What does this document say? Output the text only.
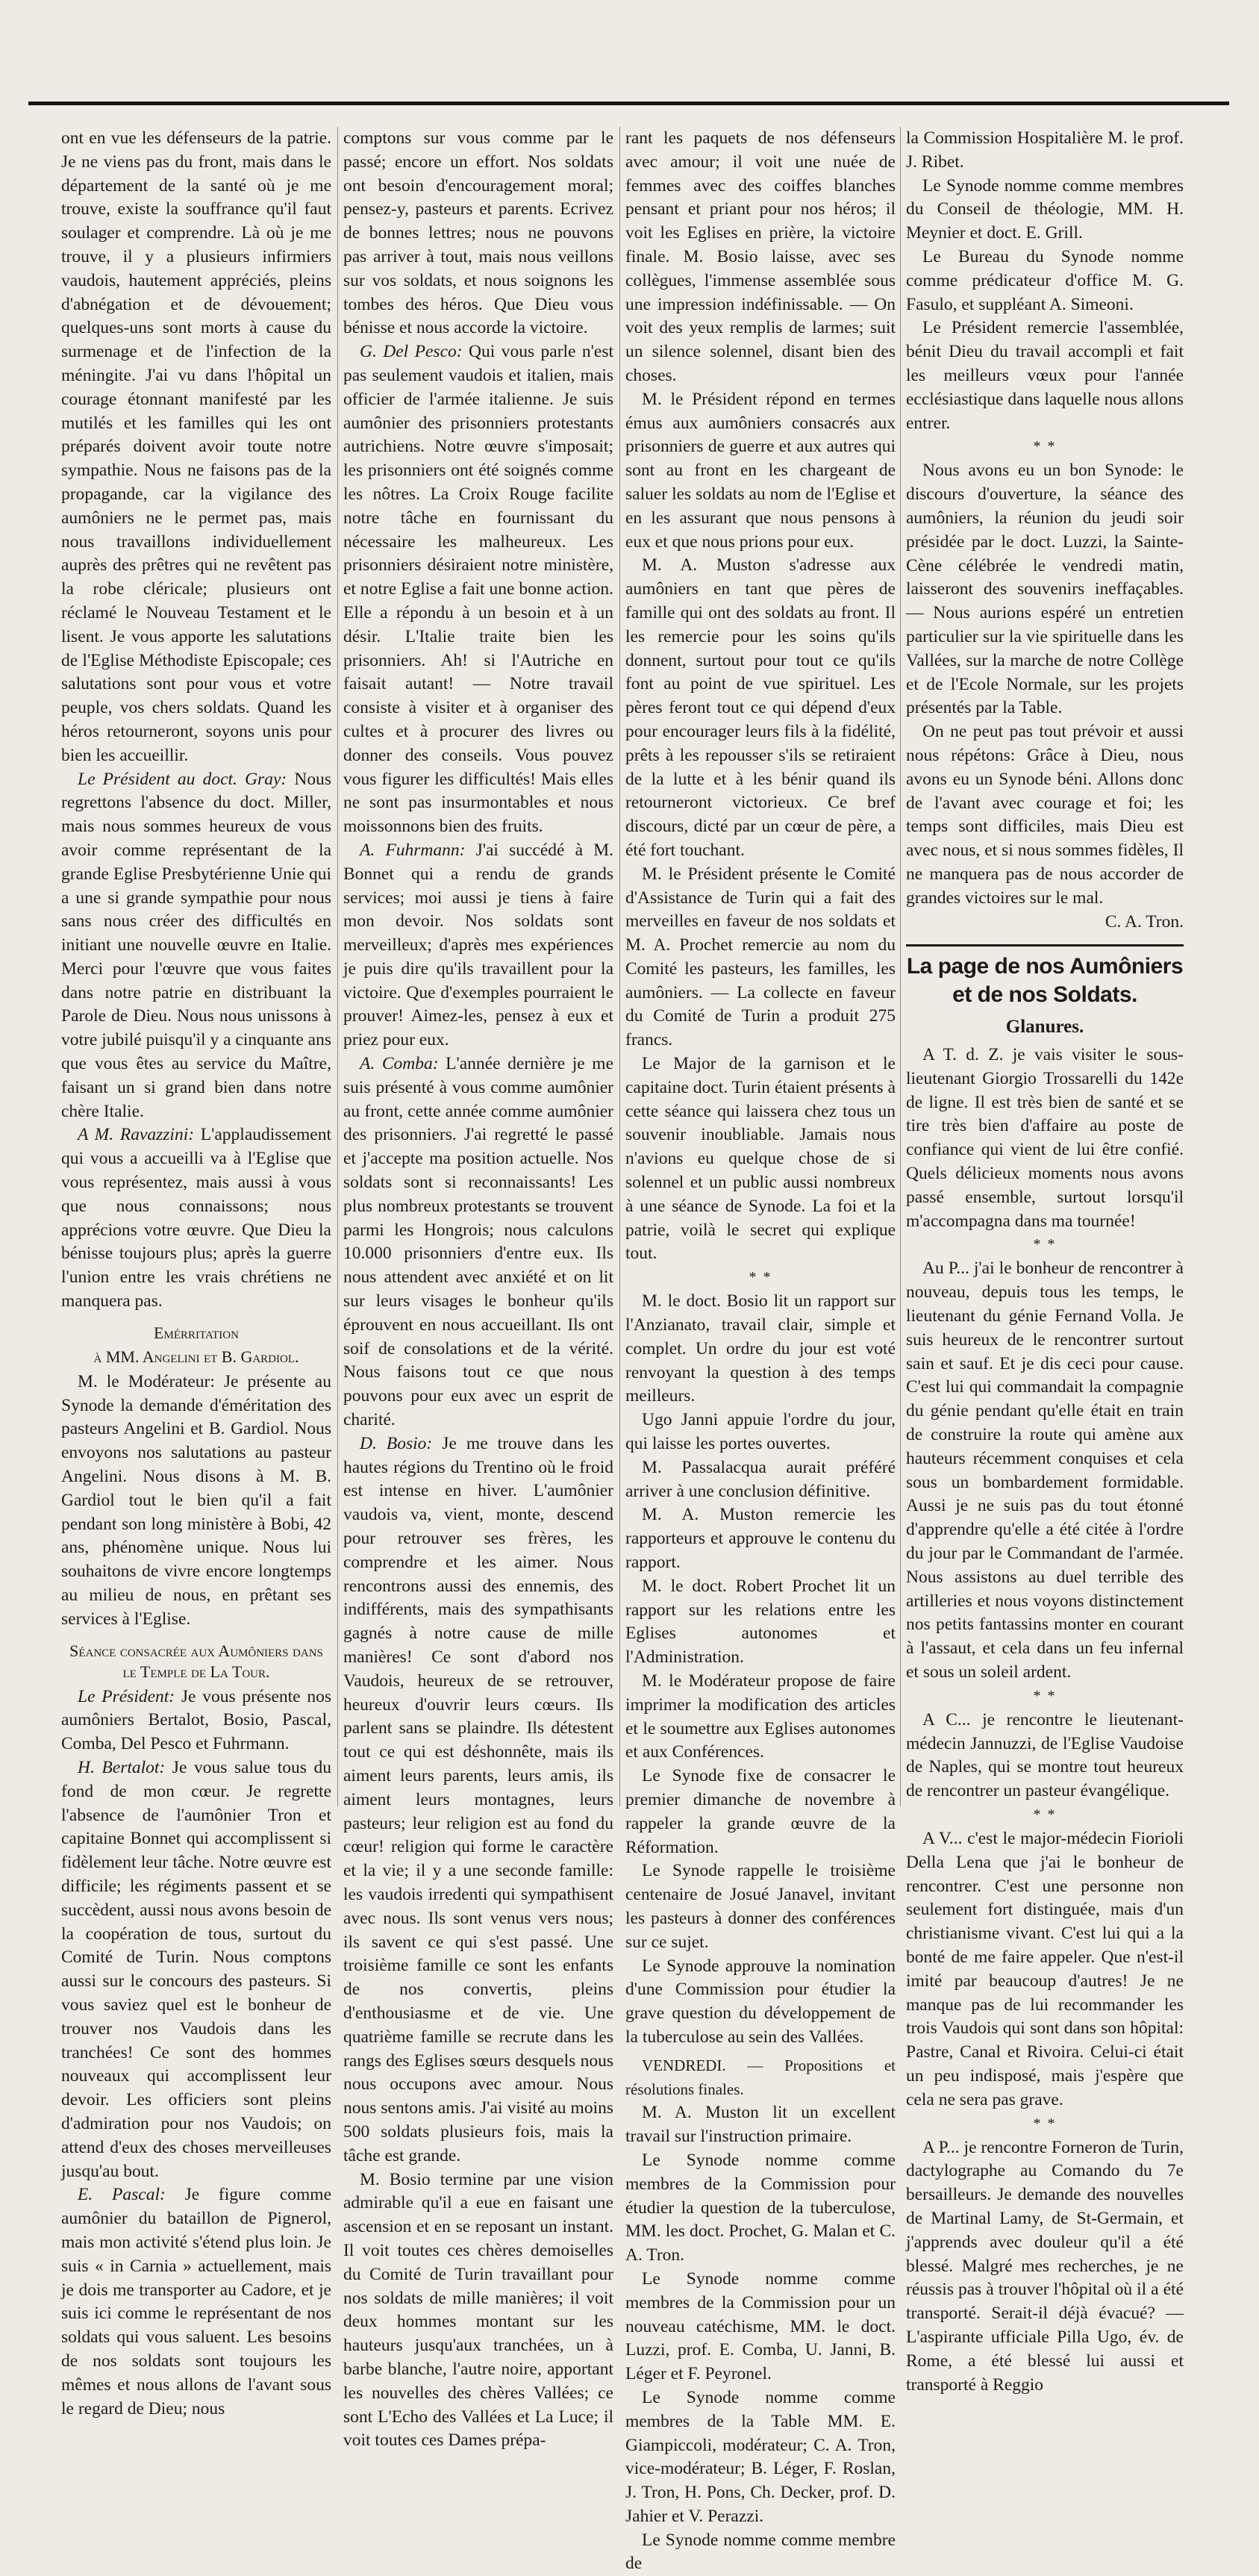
ont en vue les défenseurs de la patrie. Je ne viens pas du front, mais dans le département de la santé où je me trouve, existe la souffrance qu'il faut soulager et comprendre. Là où je me trouve, il y a plusieurs infirmiers vaudois, hautement appréciés, pleins d'abnégation et de dévouement; quelques-uns sont morts à cause du surmenage et de l'infection de la méningite. J'ai vu dans l'hôpital un courage étonnant manifesté par les mutilés et les familles qui les ont préparés doivent avoir toute notre sympathie. Nous ne faisons pas de la propagande, car la vigilance des aumôniers ne le permet pas, mais nous travaillons individuellement auprès des prêtres qui ne revêtent pas la robe cléricale; plusieurs ont réclamé le Nouveau Testament et le lisent. Je vous apporte les salutations de l'Eglise Méthodiste Episcopale; ces salutations sont pour vous et votre peuple, vos chers soldats. Quand les héros retourneront, soyons unis pour bien les accueillir.

Le Président au doct. Gray: Nous regrettons l'absence du doct. Miller, mais nous sommes heureux de vous avoir comme représentant de la grande Eglise Presbytérienne Unie qui a une si grande sympathie pour nous sans nous créer des difficultés en initiant une nouvelle œuvre en Italie. Merci pour l'œuvre que vous faites dans notre patrie en distribuant la Parole de Dieu. Nous nous unissons à votre jubilé puisqu'il y a cinquante ans que vous êtes au service du Maître, faisant un si grand bien dans notre chère Italie.

A M. Ravazzini: L'applaudissement qui vous a accueilli va à l'Eglise que vous représentez, mais aussi à vous que nous connaissons; nous apprécions votre œuvre. Que Dieu la bénisse toujours plus; après la guerre l'union entre les vrais chrétiens ne manquera pas.

Emérritation
à MM. Angelini et B. Gardiol.

M. le Modérateur: Je présente au Synode la demande d'éméritation des pasteurs Angelini et B. Gardiol. Nous envoyons nos salutations au pasteur Angelini. Nous disons à M. B. Gardiol tout le bien qu'il a fait pendant son long ministère à Bobi, 42 ans, phénomène unique. Nous lui souhaitons de vivre encore longtemps au milieu de nous, en prêtant ses services à l'Eglise.

Séance consacrée aux Aumôniers dans le Temple de La Tour.

Le Président: Je vous présente nos aumôniers Bertalot, Bosio, Pascal, Comba, Del Pesco et Fuhrmann.

H. Bertalot: Je vous salue tous du fond de mon cœur. Je regrette l'absence de l'aumônier Tron et capitaine Bonnet qui accomplissent si fidèlement leur tâche. Notre œuvre est difficile; les régiments passent et se succèdent, aussi nous avons besoin de la coopération de tous, surtout du Comité de Turin. Nous comptons aussi sur le concours des pasteurs. Si vous saviez quel est le bonheur de trouver nos Vaudois dans les tranchées! Ce sont des hommes nouveaux qui accomplissent leur devoir. Les officiers sont pleins d'admiration pour nos Vaudois; on attend d'eux des choses merveilleuses jusqu'au bout.

E. Pascal: Je figure comme aumônier du bataillon de Pignerol, mais mon activité s'étend plus loin. Je suis « in Carnia » actuellement, mais je dois me transporter au Cadore, et je suis ici comme le représentant de nos soldats qui vous saluent. Les besoins de nos soldats sont toujours les mêmes et nous allons de l'avant sous le regard de Dieu; nous

comptons sur vous comme par le passé; encore un effort. Nos soldats ont besoin d'encouragement moral; pensez-y, pasteurs et parents. Ecrivez de bonnes lettres; nous ne pouvons pas arriver à tout, mais nous veillons sur vos soldats, et nous soignons les tombes des héros. Que Dieu vous bénisse et nous accorde la victoire.

G. Del Pesco: Qui vous parle n'est pas seulement vaudois et italien, mais officier de l'armée italienne. Je suis aumônier des prisonniers protestants autrichiens. Notre œuvre s'imposait; les prisonniers ont été soignés comme les nôtres. La Croix Rouge facilite notre tâche en fournissant du nécessaire les malheureux. Les prisonniers désiraient notre ministère, et notre Eglise a fait une bonne action. Elle a répondu à un besoin et à un désir. L'Italie traite bien les prisonniers. Ah! si l'Autriche en faisait autant! — Notre travail consiste à visiter et à organiser des cultes et à procurer des livres ou donner des conseils. Vous pouvez vous figurer les difficultés! Mais elles ne sont pas insurmontables et nous moissonnons bien des fruits.

A. Fuhrmann: J'ai succédé à M. Bonnet qui a rendu de grands services; moi aussi je tiens à faire mon devoir. Nos soldats sont merveilleux; d'après mes expériences je puis dire qu'ils travaillent pour la victoire. Que d'exemples pourraient le prouver! Aimez-les, pensez à eux et priez pour eux.

A. Comba: L'année dernière je me suis présenté à vous comme aumônier au front, cette année comme aumônier des prisonniers. J'ai regretté le passé et j'accepte ma position actuelle. Nos soldats sont si reconnaissants! Les plus nombreux protestants se trouvent parmi les Hongrois; nous calculons 10.000 prisonniers d'entre eux. Ils nous attendent avec anxiété et on lit sur leurs visages le bonheur qu'ils éprouvent en nous accueillant. Ils ont soif de consolations et de la vérité. Nous faisons tout ce que nous pouvons pour eux avec un esprit de charité.

D. Bosio: Je me trouve dans les hautes régions du Trentino où le froid est intense en hiver. L'aumônier vaudois va, vient, monte, descend pour retrouver ses frères, les comprendre et les aimer. Nous rencontrons aussi des ennemis, des indifférents, mais des sympathisants gagnés à notre cause de mille manières! Ce sont d'abord nos Vaudois, heureux de se retrouver, heureux d'ouvrir leurs cœurs. Ils parlent sans se plaindre. Ils détestent tout ce qui est déshonnête, mais ils aiment leurs parents, leurs amis, ils aiment leurs montagnes, leurs pasteurs; leur religion est au fond du cœur! religion qui forme le caractère et la vie; il y a une seconde famille: les vaudois irredenti qui sympathisent avec nous. Ils sont venus vers nous; ils savent ce qui s'est passé. Une troisième famille ce sont les enfants de nos convertis, pleins d'enthousiasme et de vie. Une quatrième famille se recrute dans les rangs des Eglises sœurs desquels nous nous occupons avec amour. Nous nous sentons amis. J'ai visité au moins 500 soldats plusieurs fois, mais la tâche est grande.

M. Bosio termine par une vision admirable qu'il a eue en faisant une ascension et en se reposant un instant. Il voit toutes ces chères demoiselles du Comité de Turin travaillant pour nos soldats de mille manières; il voit deux hommes montant sur les hauteurs jusqu'aux tranchées, un à barbe blanche, l'autre noire, apportant les nouvelles des chères Vallées; ce sont L'Echo des Vallées et La Luce; il voit toutes ces Dames prépa-

rant les paquets de nos défenseurs avec amour; il voit une nuée de femmes avec des coiffes blanches pensant et priant pour nos héros; il voit les Eglises en prière, la victoire finale. M. Bosio laisse, avec ses collègues, l'immense assemblée sous une impression indéfinissable. — On voit des yeux remplis de larmes; suit un silence solennel, disant bien des choses.

M. le Président répond en termes émus aux aumôniers consacrés aux prisonniers de guerre et aux autres qui sont au front en les chargeant de saluer les soldats au nom de l'Eglise et en les assurant que nous pensons à eux et que nous prions pour eux.

M. A. Muston s'adresse aux aumôniers en tant que pères de famille qui ont des soldats au front. Il les remercie pour les soins qu'ils donnent, surtout pour tout ce qu'ils font au point de vue spirituel. Les pères feront tout ce qui dépend d'eux pour encourager leurs fils à la fidélité, prêts à les repousser s'ils se retiraient de la lutte et à les bénir quand ils retourneront victorieux. Ce bref discours, dicté par un cœur de père, a été fort touchant.

M. le Président présente le Comité d'Assistance de Turin qui a fait des merveilles en faveur de nos soldats et M. A. Prochet remercie au nom du Comité les pasteurs, les familles, les aumôniers. — La collecte en faveur du Comité de Turin a produit 275 francs.

Le Major de la garnison et le capitaine doct. Turin étaient présents à cette séance qui laissera chez tous un souvenir inoubliable. Jamais nous n'avions eu quelque chose de si solennel et un public aussi nombreux à une séance de Synode. La foi et la patrie, voilà le secret qui explique tout.

* *

M. le doct. Bosio lit un rapport sur l'Anzianato, travail clair, simple et complet. Un ordre du jour est voté renvoyant la question à des temps meilleurs.

Ugo Janni appuie l'ordre du jour, qui laisse les portes ouvertes.

M. Passalacqua aurait préféré arriver à une conclusion définitive.

M. A. Muston remercie les rapporteurs et approuve le contenu du rapport.

M. le doct. Robert Prochet lit un rapport sur les relations entre les Eglises autonomes et l'Administration.

M. le Modérateur propose de faire imprimer la modification des articles et le soumettre aux Eglises autonomes et aux Conférences.

Le Synode fixe de consacrer le premier dimanche de novembre à rappeler la grande œuvre de la Réformation.

Le Synode rappelle le troisième centenaire de Josué Janavel, invitant les pasteurs à donner des conférences sur ce sujet.

Le Synode approuve la nomination d'une Commission pour étudier la grave question du développement de la tuberculose au sein des Vallées.

VENDREDI. — Propositions et résolutions finales.

M. A. Muston lit un excellent travail sur l'instruction primaire.

Le Synode nomme comme membres de la Commission pour étudier la question de la tuberculose, MM. les doct. Prochet, G. Malan et C. A. Tron.

Le Synode nomme comme membres de la Commission pour un nouveau catéchisme, MM. le doct. Luzzi, prof. E. Comba, U. Janni, B. Léger et F. Peyronel.

Le Synode nomme comme membres de la Table MM. E. Giampiccoli, modérateur; C. A. Tron, vice-modérateur; B. Léger, F. Roslan, J. Tron, H. Pons, Ch. Decker, prof. D. Jahier et V. Perazzi.

Le Synode nomme comme membre de

la Commission Hospitalière M. le prof. J. Ribet.

Le Synode nomme comme membres du Conseil de théologie, MM. H. Meynier et doct. E. Grill.

Le Bureau du Synode nomme comme prédicateur d'office M. G. Fasulo, et suppléant A. Simeoni.

Le Président remercie l'assemblée, bénit Dieu du travail accompli et fait les meilleurs vœux pour l'année ecclésiastique dans laquelle nous allons entrer.

* *

Nous avons eu un bon Synode: le discours d'ouverture, la séance des aumôniers, la réunion du jeudi soir présidée par le doct. Luzzi, la Sainte-Cène célébrée le vendredi matin, laisseront des souvenirs ineffaçables. — Nous aurions espéré un entretien particulier sur la vie spirituelle dans les Vallées, sur la marche de notre Collège et de l'Ecole Normale, sur les projets présentés par la Table.

On ne peut pas tout prévoir et aussi nous répétons: Grâce à Dieu, nous avons eu un Synode béni. Allons donc de l'avant avec courage et foi; les temps sont difficiles, mais Dieu est avec nous, et si nous sommes fidèles, Il ne manquera pas de nous accorder de grandes victoires sur le mal.

C. A. Tron.

La page de nos Aumôniers et de nos Soldats.
Glanures.

A T. d. Z. je vais visiter le sous-lieutenant Giorgio Trossarelli du 142e de ligne. Il est très bien de santé et se tire très bien d'affaire au poste de confiance qui vient de lui être confié. Quels délicieux moments nous avons passé ensemble, surtout lorsqu'il m'accompagna dans ma tournée!

* *

Au P... j'ai le bonheur de rencontrer à nouveau, depuis tous les temps, le lieutenant du génie Fernand Volla. Je suis heureux de le rencontrer surtout sain et sauf. Et je dis ceci pour cause. C'est lui qui commandait la compagnie du génie pendant qu'elle était en train de construire la route qui amène aux hauteurs récemment conquises et cela sous un bombardement formidable. Aussi je ne suis pas du tout étonné d'apprendre qu'elle a été citée à l'ordre du jour par le Commandant de l'armée. Nous assistons au duel terrible des artilleries et nous voyons distinctement nos petits fantassins monter en courant à l'assaut, et cela dans un feu infernal et sous un soleil ardent.

* *

A C... je rencontre le lieutenant-médecin Jannuzzi, de l'Eglise Vaudoise de Naples, qui se montre tout heureux de rencontrer un pasteur évangélique.

* *

A V... c'est le major-médecin Fiorioli Della Lena que j'ai le bonheur de rencontrer. C'est une personne non seulement fort distinguée, mais d'un christianisme vivant. C'est lui qui a la bonté de me faire appeler. Que n'est-il imité par beaucoup d'autres! Je ne manque pas de lui recommander les trois Vaudois qui sont dans son hôpital: Pastre, Canal et Rivoira. Celui-ci était un peu indisposé, mais j'espère que cela ne sera pas grave.

* *

A P... je rencontre Forneron de Turin, dactylographe au Comando du 7e bersailleurs. Je demande des nouvelles de Martinal Lamy, de St-Germain, et j'apprends avec douleur qu'il a été blessé. Malgré mes recherches, je ne réussis pas à trouver l'hôpital où il a été transporté. Serait-il déjà évacué? — L'aspirante ufficiale Pilla Ugo, év. de Rome, a été blessé lui aussi et transporté à Reggio
